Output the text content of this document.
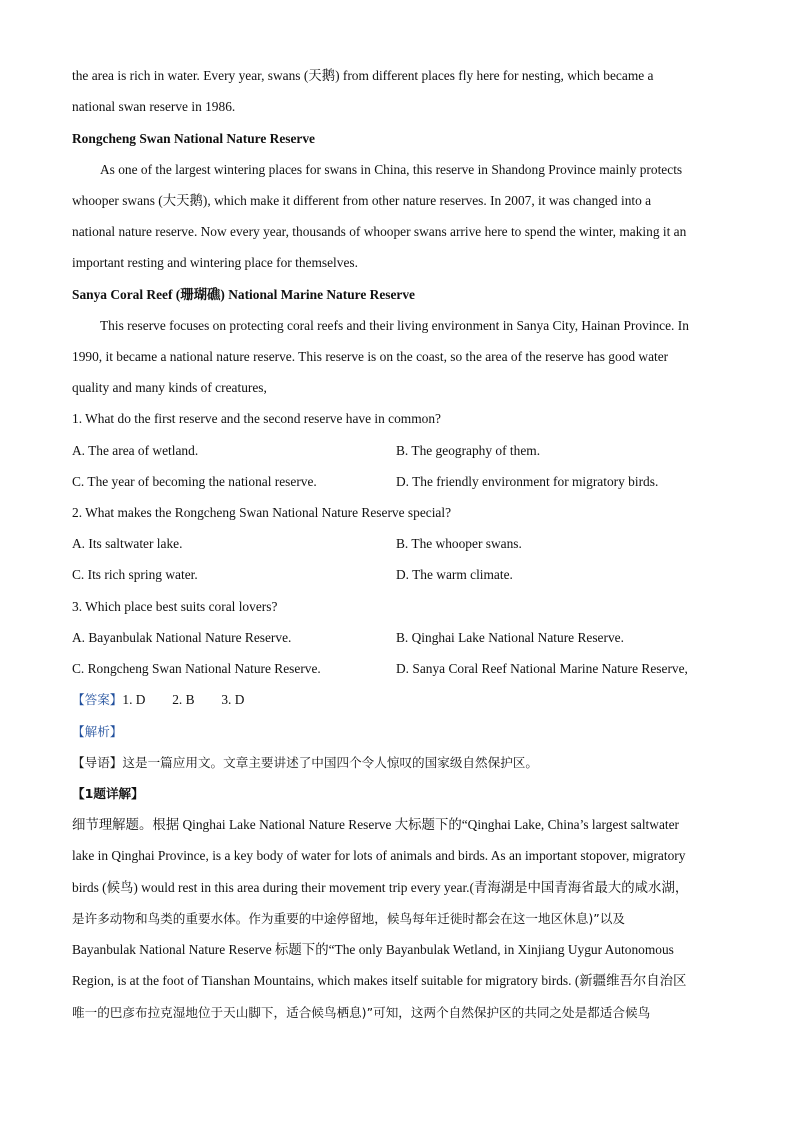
the area is rich in water. Every year, swans (天鹅) from different places fly here for nesting, which became a
national swan reserve in 1986.
Rongcheng Swan National Nature Reserve
As one of the largest wintering places for swans in China, this reserve in Shandong Province mainly protects
whooper swans (大天鹅), which make it different from other nature reserves. In 2007, it was changed into a
national nature reserve. Now every year, thousands of whooper swans arrive here to spend the winter, making it an
important resting and wintering place for themselves.
Sanya Coral Reef (珊瑚礁) National Marine Nature Reserve
This reserve focuses on protecting coral reefs and their living environment in Sanya City, Hainan Province. In
1990, it became a national nature reserve. This reserve is on the coast, so the area of the reserve has good water
quality and many kinds of creatures,
1. What do the first reserve and the second reserve have in common?
A. The area of wetland.	B. The geography of them.
C. The year of becoming the national reserve.	D. The friendly environment for migratory birds.
2. What makes the Rongcheng Swan National Nature Reserve special?
A. Its saltwater lake.	B. The whooper swans.
C. Its rich spring water.	D. The warm climate.
3. Which place best suits coral lovers?
A. Bayanbulak National Nature Reserve.	B. Qinghai Lake National Nature Reserve.
C. Rongcheng Swan National Nature Reserve.	D. Sanya Coral Reef National Marine Nature Reserve,
【答案】1. D        2. B        3. D
【解析】
【导语】这是一篇应用文。文章主要讲述了中国四个令人惊叹的国家级自然保护区。
【1题详解】
细节理解题。根据 Qinghai Lake National Nature Reserve 大标题下的“Qinghai Lake, China’s largest saltwater
lake in Qinghai Province, is a key body of water for lots of animals and birds. As an important stopover, migratory
birds (候鸟) would rest in this area during their movement trip every year.(青海湖是中国青海省最大的咸水湖，
是许多动物和鸟类的重要水体。作为重要的中途停留地，候鸟每年迁徙时都会在这一地区休息)”以及
Bayanbulak National Nature Reserve 标题下的“The only Bayanbulak Wetland, in Xinjiang Uygur Autonomous
Region, is at the foot of Tianshan Mountains, which makes itself suitable for migratory birds. (新疆维吾尔自治区
唯一的巴彦布拉克湿地位于天山脚下，适合候鸟栖息)”可知，这两个自然保护区的共同之处是都适合候鸟
